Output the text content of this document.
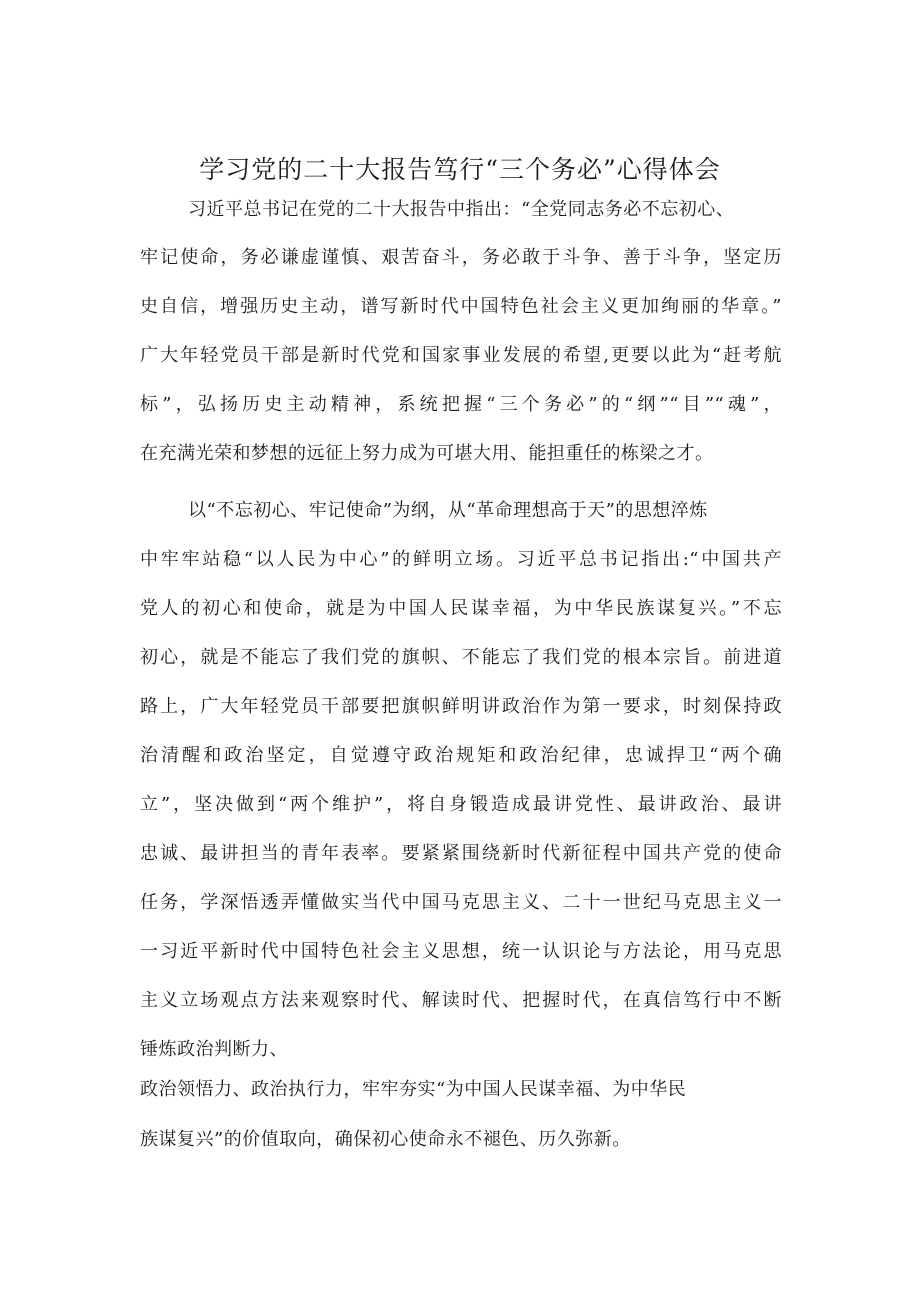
学习党的二十大报告笃行“三个务必”心得体会
习近平总书记在党的二十大报告中指出：“全党同志务必不忘初心、
牢记使命，务必谦虚谨慎、艰苦奋斗，务必敢于斗争、善于斗争，坚定历
史自信，增强历史主动，谱写新时代中国特色社会主义更加绚丽的华章。”
广大年轻党员干部是新时代党和国家事业发展的希望,更要以此为“赶考航
标”，弘扬历史主动精神，系统把握“三个务必”的“纲”“目”“魂”，
在充满光荣和梦想的远征上努力成为可堪大用、能担重任的栋梁之才。
以“不忘初心、牢记使命”为纲，从“革命理想高于天”的思想淬炼
中牢牢站稳“以人民为中心”的鲜明立场。习近平总书记指出:“中国共产
党人的初心和使命，就是为中国人民谋幸福，为中华民族谋复兴。”不忘
初心，就是不能忘了我们党的旗帜、不能忘了我们党的根本宗旨。前进道
路上，广大年轻党员干部要把旗帜鲜明讲政治作为第一要求，时刻保持政
治清醒和政治坚定，自觉遵守政治规矩和政治纪律，忠诚捍卫“两个确
立”，坚决做到“两个维护”，将自身锻造成最讲党性、最讲政治、最讲
忠诚、最讲担当的青年表率。要紧紧围绕新时代新征程中国共产党的使命
任务，学深悟透弄懂做实当代中国马克思主义、二十一世纪马克思主义一
一习近平新时代中国特色社会主义思想，统一认识论与方法论，用马克思
主义立场观点方法来观察时代、解读时代、把握时代，在真信笃行中不断
锤炼政治判断力、
政治领悟力、政治执行力，牢牢夯实“为中国人民谋幸福、为中华民
族谋复兴”的价值取向，确保初心使命永不褪色、历久弥新。
